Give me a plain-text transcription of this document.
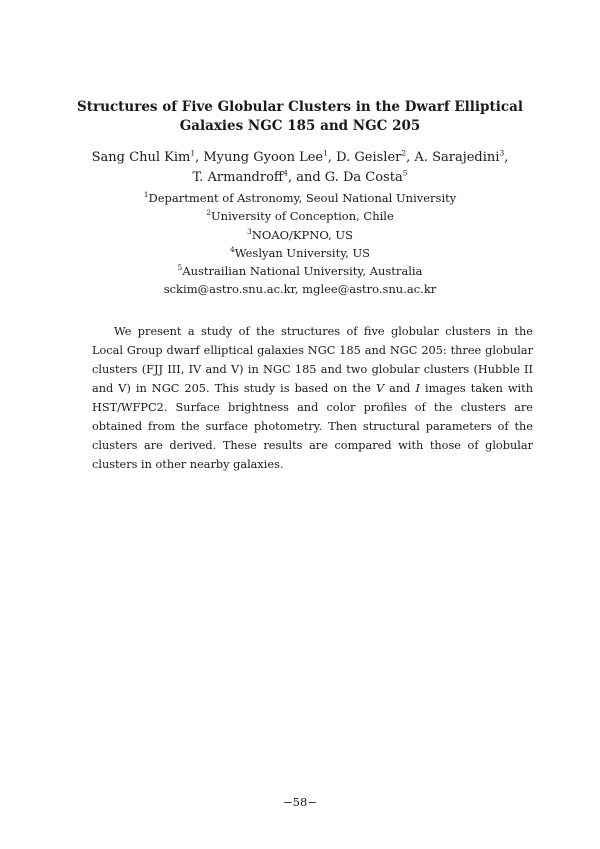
Structures of Five Globular Clusters in the Dwarf Elliptical
Galaxies NGC 185 and NGC 205
Sang Chul Kim$^1$, Myung Gyoon Lee$^1$, D. Geisler$^2$, A. Sarajedini$^3$,
T. Armandroff$^4$, and G. Da Costa$^5$
$^1$Department of Astronomy, Seoul National University
$^2$University of Conception, Chile
$^3$NOAO/KPNO, US
$^4$Weslyan University, US
$^5$Austrailian National University, Australia
sckim@astro.snu.ac.kr, mglee@astro.snu.ac.kr

We present a study of the structures of five globular clusters in the Local Group dwarf elliptical galaxies NGC 185 and NGC 205: three globular clusters (FJJ III, IV and V) in NGC 185 and two globular clusters (Hubble II and V) in NGC 205. This study is based on the V and I images taken with HST/WFPC2. Surface brightness and color profiles of the clusters are obtained from the surface photometry. Then structural parameters of the clusters are derived. These results are compared with those of globular clusters in other nearby galaxies.

−58−
